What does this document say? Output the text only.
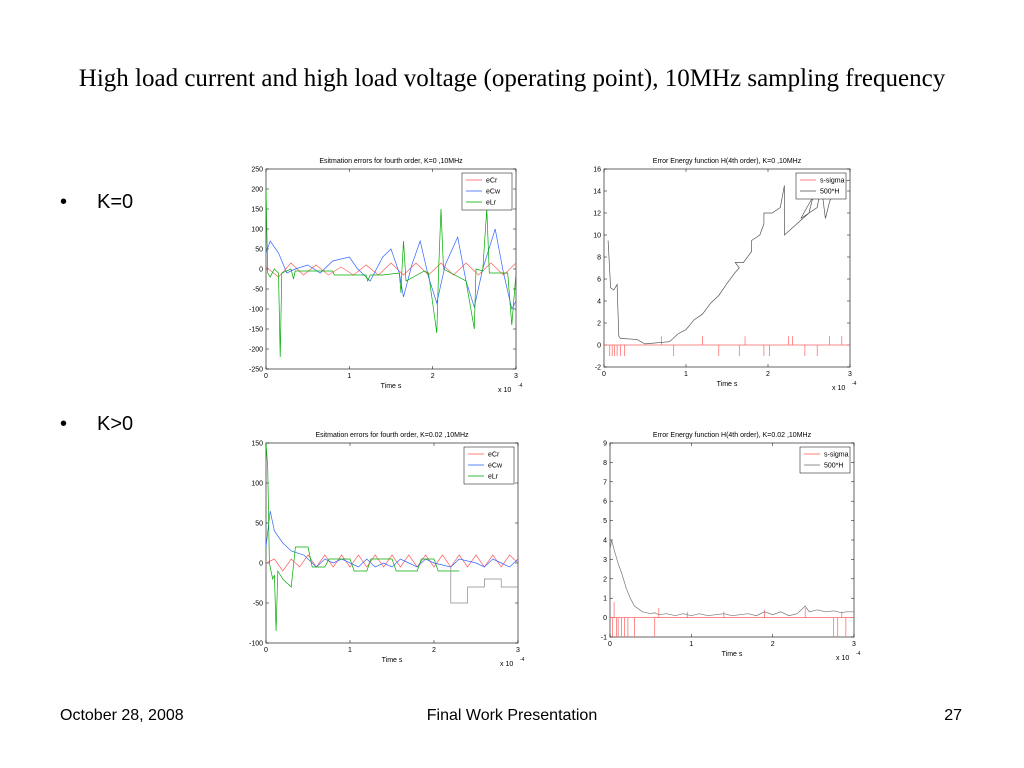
High load current and high load voltage (operating point), 10MHz sampling frequency
• K=0
• K>0
Esitmation errors for fourth order, K=0 ,10MHz
0	1	2	3
-250
-200
-150
-100
-50
0
50
100
150
200
250
eCr
eCw
eLr
Time s
x 10
-4
Error Energy function H(4th order), K=0 ,10MHz
0	1	2	3
-2
0
2
4
6
8
10
12
14
16
s-sigma
500*H
Time s
x 10
-4
Esitmation errors for fourth order, K=0.02 ,10MHz
0	1	2	3
-100
-50
0
50
100
150
eCr
eCw
eLr
Time s
x 10
-4
Error Energy function H(4th order), K=0.02 ,10MHz
0	1	2	3
-1
0
1
2
3
4
5
6
7
8
9
s-sigma
500*H
Time s
x 10
-4
October 28, 2008	Final Work Presentation	27
